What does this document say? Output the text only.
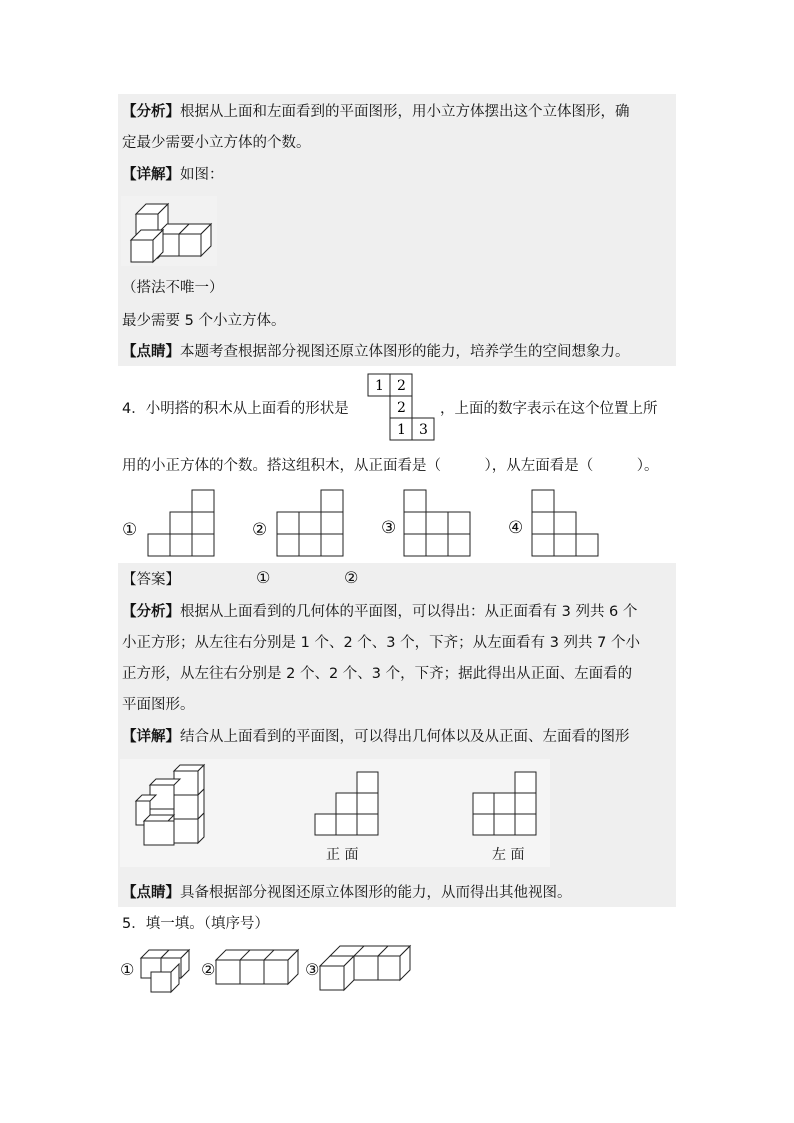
【分析】根据从上面和左面看到的平面图形，用小立方体摆出这个立体图形，确
定最少需要小立方体的个数。
【详解】如图：
（搭法不唯一）
最少需要 5 个小立方体。
【点睛】本题考查根据部分视图还原立体图形的能力，培养学生的空间想象力。
4．小明搭的积木从上面看的形状是
1 2
2
1 3
，上面的数字表示在这个位置上所
用的小正方体的个数。搭这组积木，从正面看是（　　　），从左面看是（　　　）。
①	②	③	④
【答案】	①	②
【分析】根据从上面看到的几何体的平面图，可以得出：从正面看有 3 列共 6 个
小正方形；从左往右分别是 1 个、2 个、3 个，下齐；从左面看有 3 列共 7 个小
正方形，从左往右分别是 2 个、2 个、3 个，下齐；据此得出从正面、左面看的
平面图形。
【详解】结合从上面看到的平面图，可以得出几何体以及从正面、左面看的图形
正 面	左 面
【点睛】具备根据部分视图还原立体图形的能力，从而得出其他视图。
5．填一填。（填序号）
①	②	③
